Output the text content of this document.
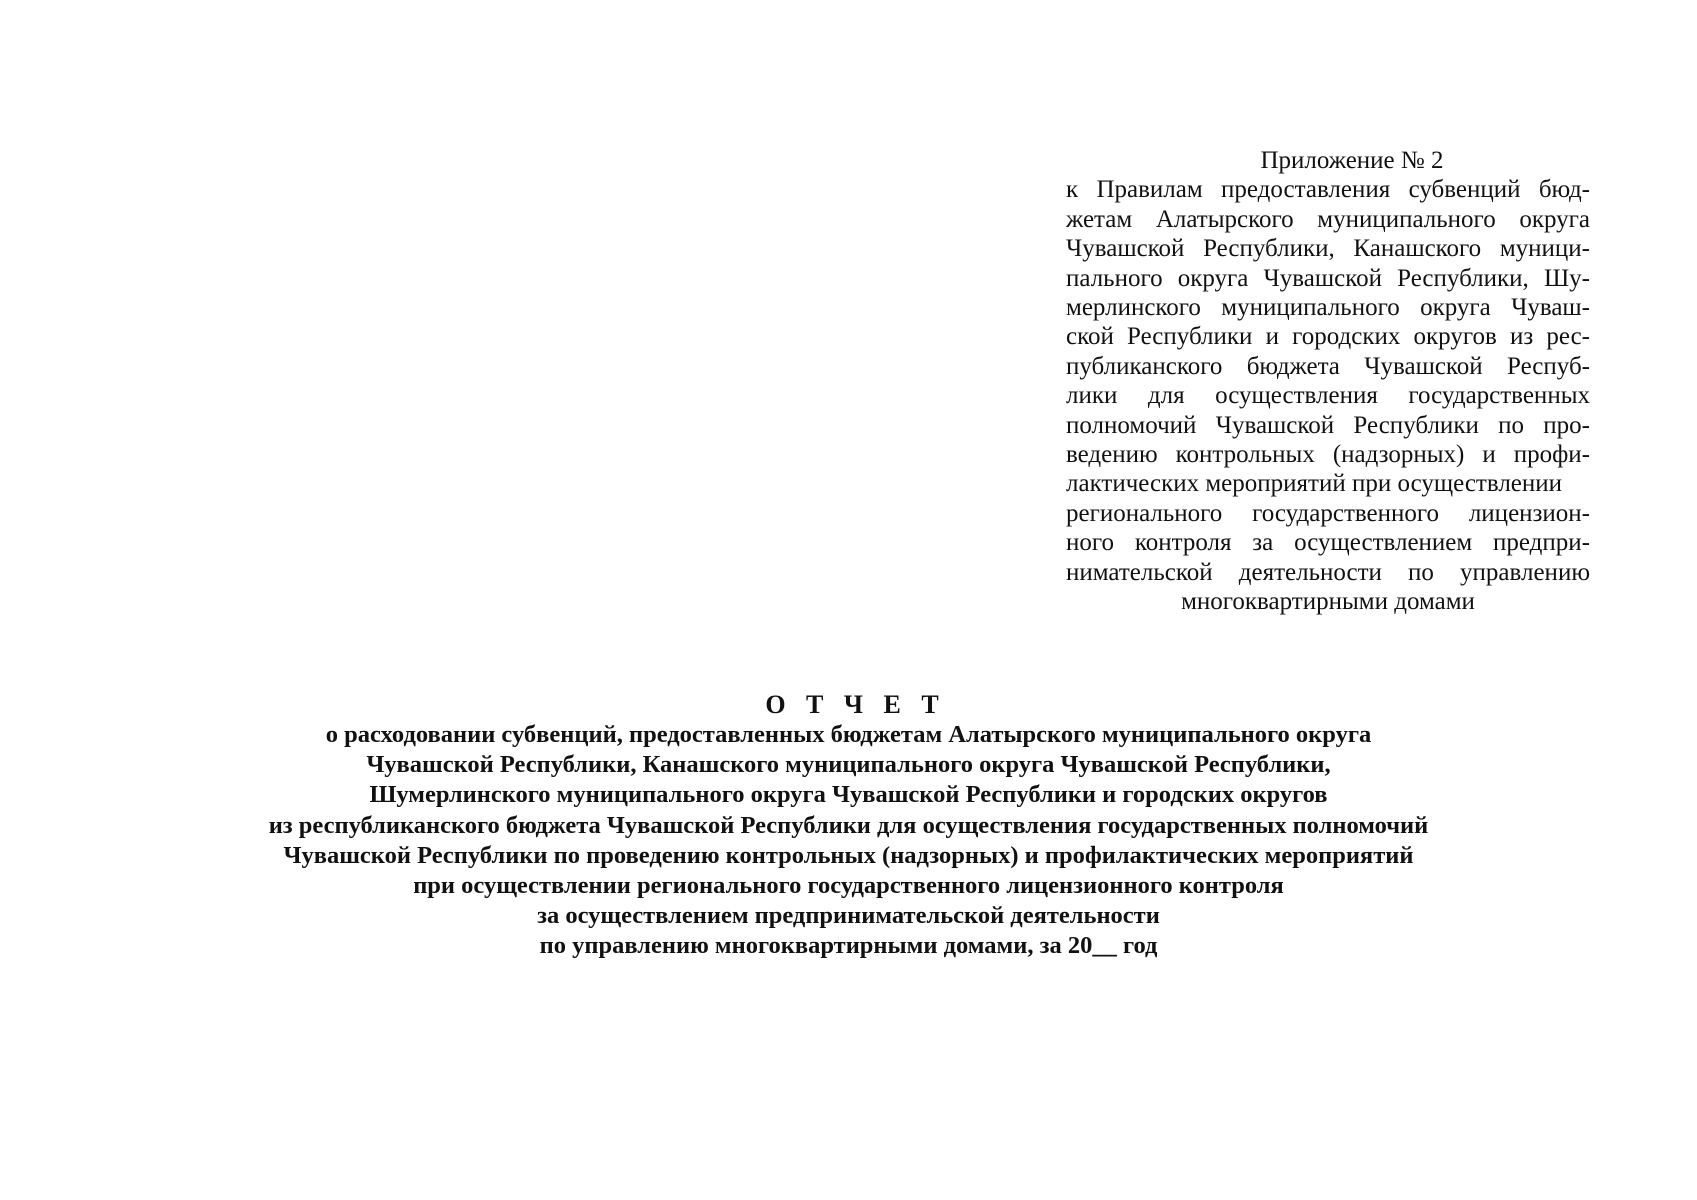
Приложение № 2
к Правилам предоставления субвенций бюд-
жетам Алатырского муниципального округа
Чувашской Республики, Канашского муници-
пального округа Чувашской Республики, Шу-
мерлинского муниципального округа Чуваш-
ской Республики и городских округов из рес-
публиканского бюджета Чувашской Респуб-
лики для осуществления государственных
полномочий Чувашской Республики по про-
ведению контрольных (надзорных) и профи-
лактических мероприятий при осуществлении
регионального государственного лицензион-
ного контроля за осуществлением предпри-
нимательской деятельности по управлению
многоквартирными домами
О Т Ч Е Т
о расходовании субвенций, предоставленных бюджетам Алатырского муниципального округа
Чувашской Республики, Канашского муниципального округа Чувашской Республики,
Шумерлинского муниципального округа Чувашской Республики и городских округов
из республиканского бюджета Чувашской Республики для осуществления государственных полномочий
Чувашской Республики по проведению контрольных (надзорных) и профилактических мероприятий
при осуществлении регионального государственного лицензионного контроля
за осуществлением предпринимательской деятельности
по управлению многоквартирными домами, за 20__ год
